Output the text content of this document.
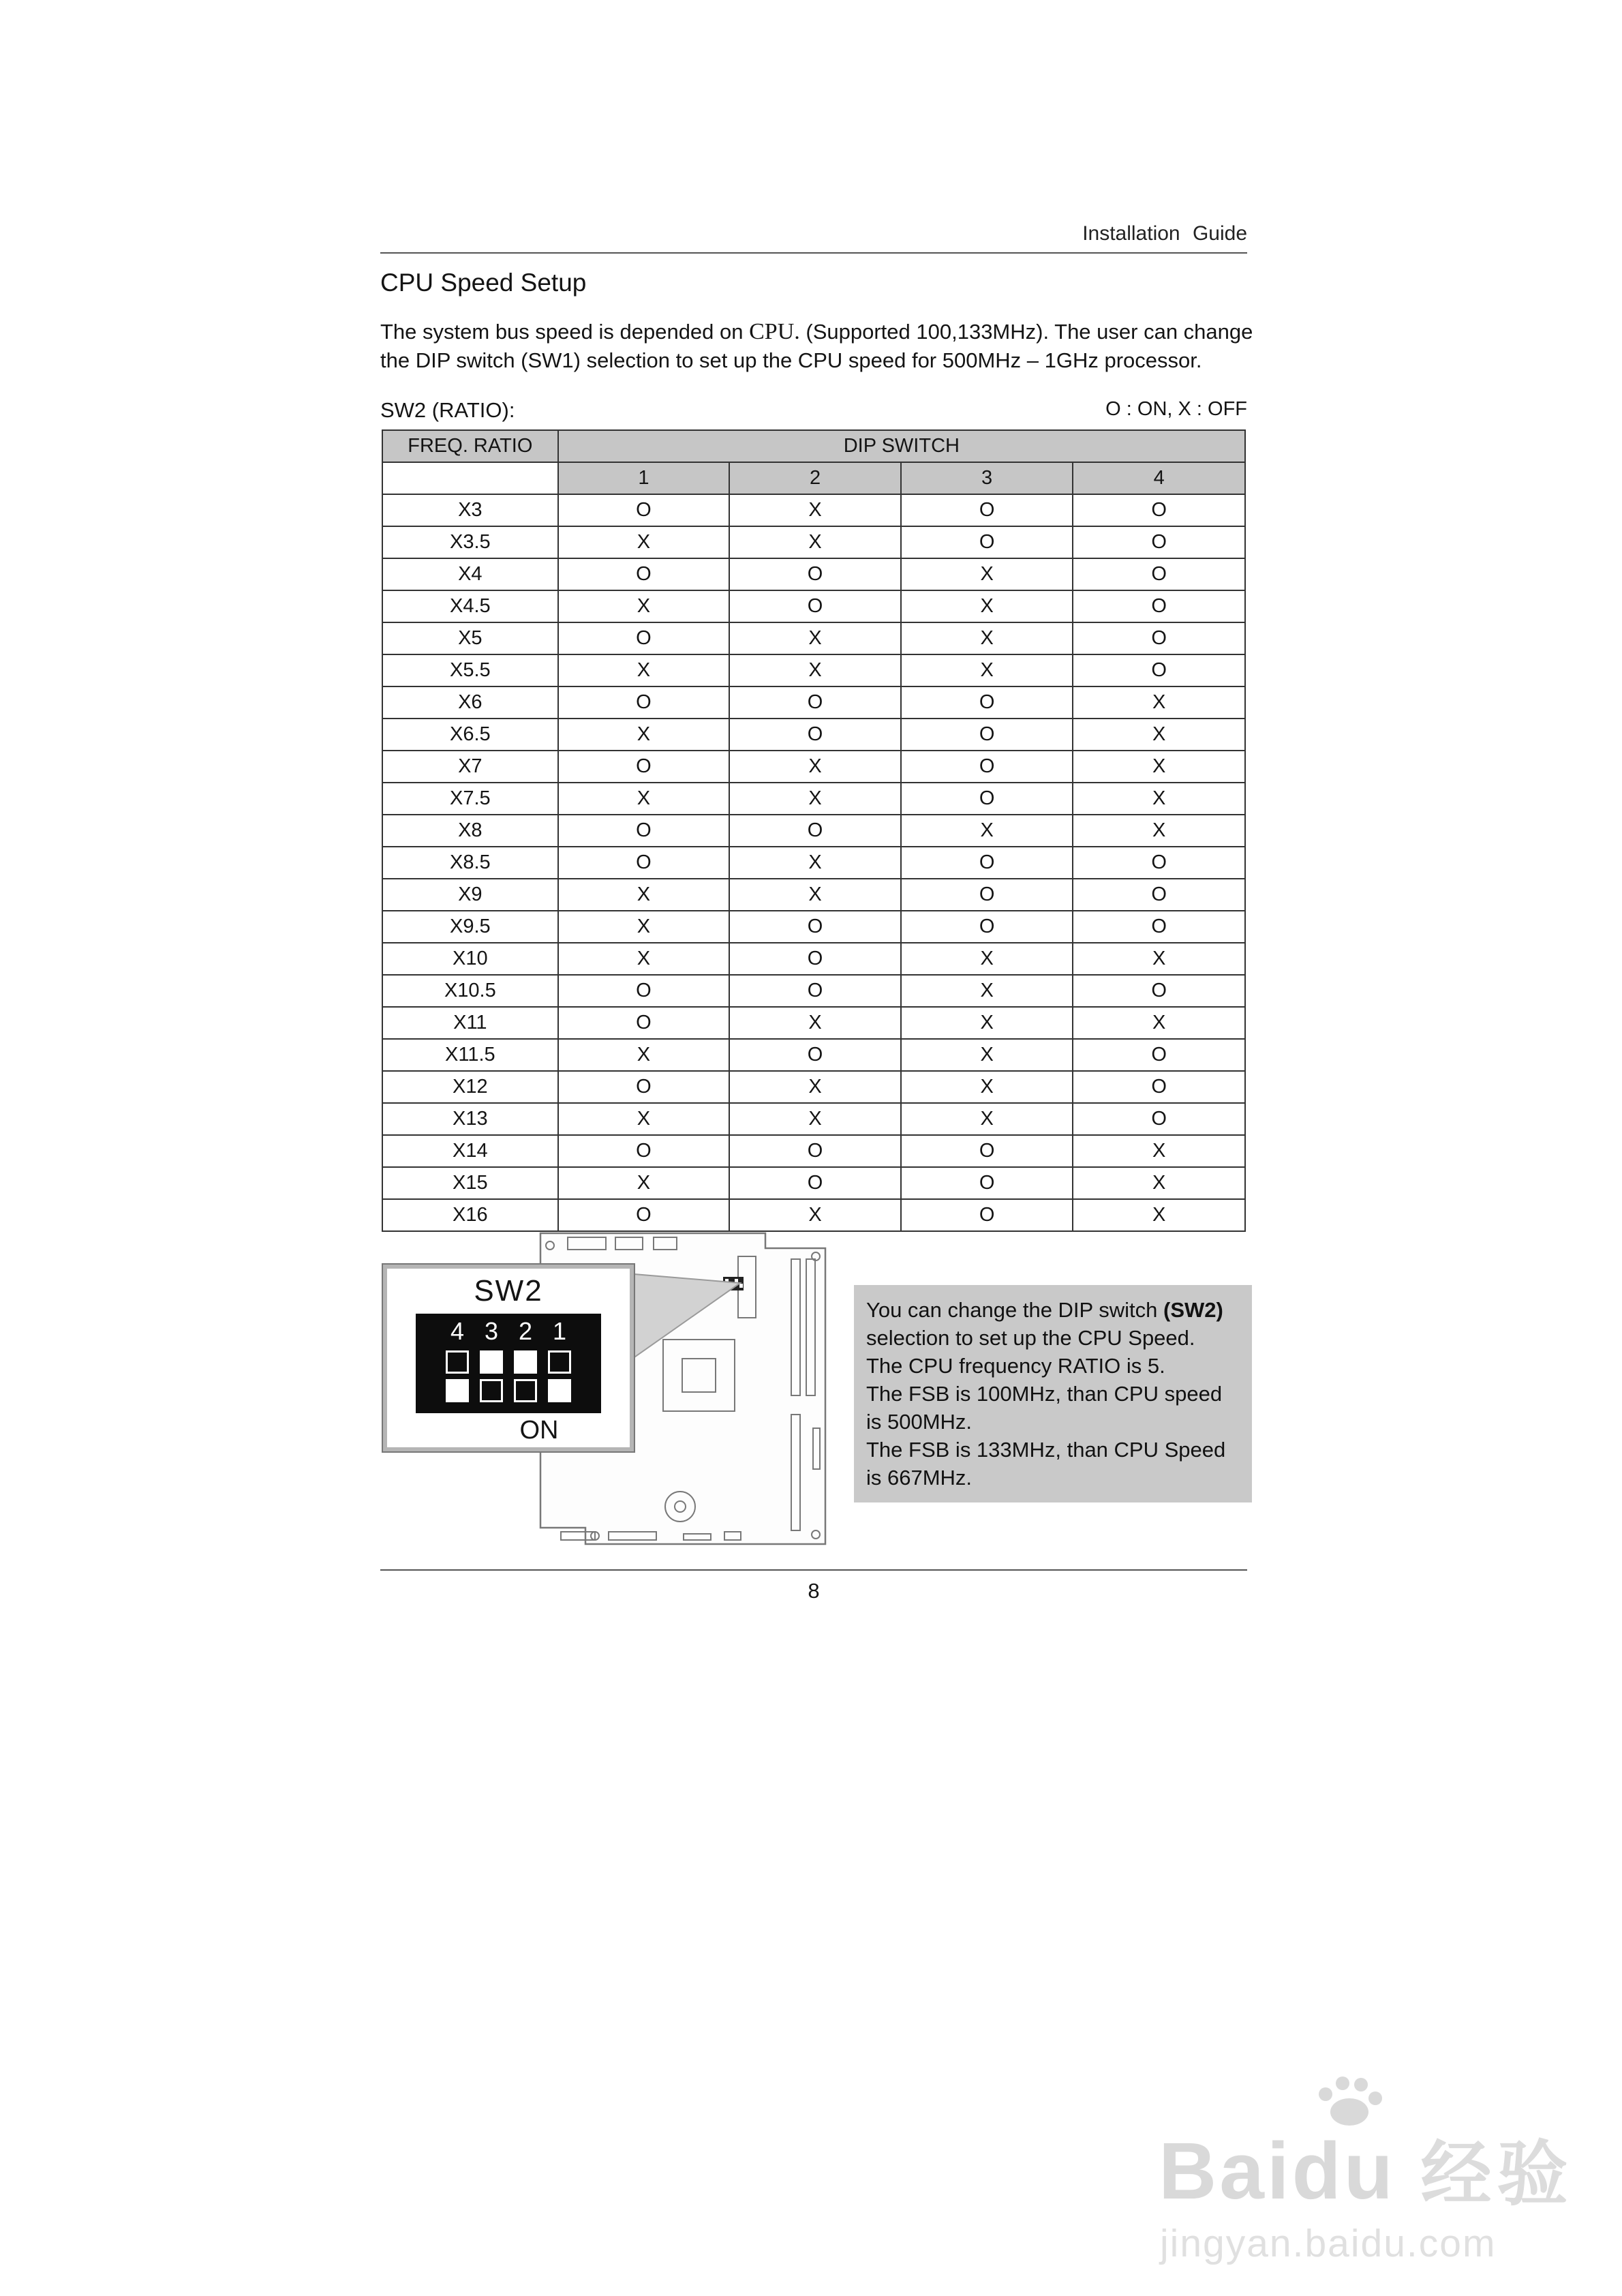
Installation Guide
CPU Speed Setup

The system bus speed is depended on CPU. (Supported 100,133MHz). The user can change
the DIP switch (SW1) selection to set up the CPU speed for 500MHz – 1GHz processor.

O : ON, X : OFF
SW2 (RATIO):
FREQ. RATIO	DIP SWITCH			
	1	2	3	4
X3	O	X	O	O
X3.5	X	X	O	O
X4	O	O	X	O
X4.5	X	O	X	O
X5	O	X	X	O
X5.5	X	X	X	O
X6	O	O	O	X
X6.5	X	O	O	X
X7	O	X	O	X
X7.5	X	X	O	X
X8	O	O	X	X
X8.5	O	X	O	O
X9	X	X	O	O
X9.5	X	O	O	O
X10	X	O	X	X
X10.5	O	O	X	O
X11	O	X	X	X
X11.5	X	O	X	O
X12	O	X	X	O
X13	X	X	X	O
X14	O	O	O	X
X15	X	O	O	X
X16	O	X	O	X
SW2
4 3 2 1
ON
You can change the DIP switch (SW2)
selection to set up the CPU Speed.
The CPU frequency RATIO is 5.
The FSB is 100MHz, than CPU speed
is 500MHz.
The FSB is 133MHz, than CPU Speed
is 667MHz.
8
Baidu 经验
jingyan.baidu.com
